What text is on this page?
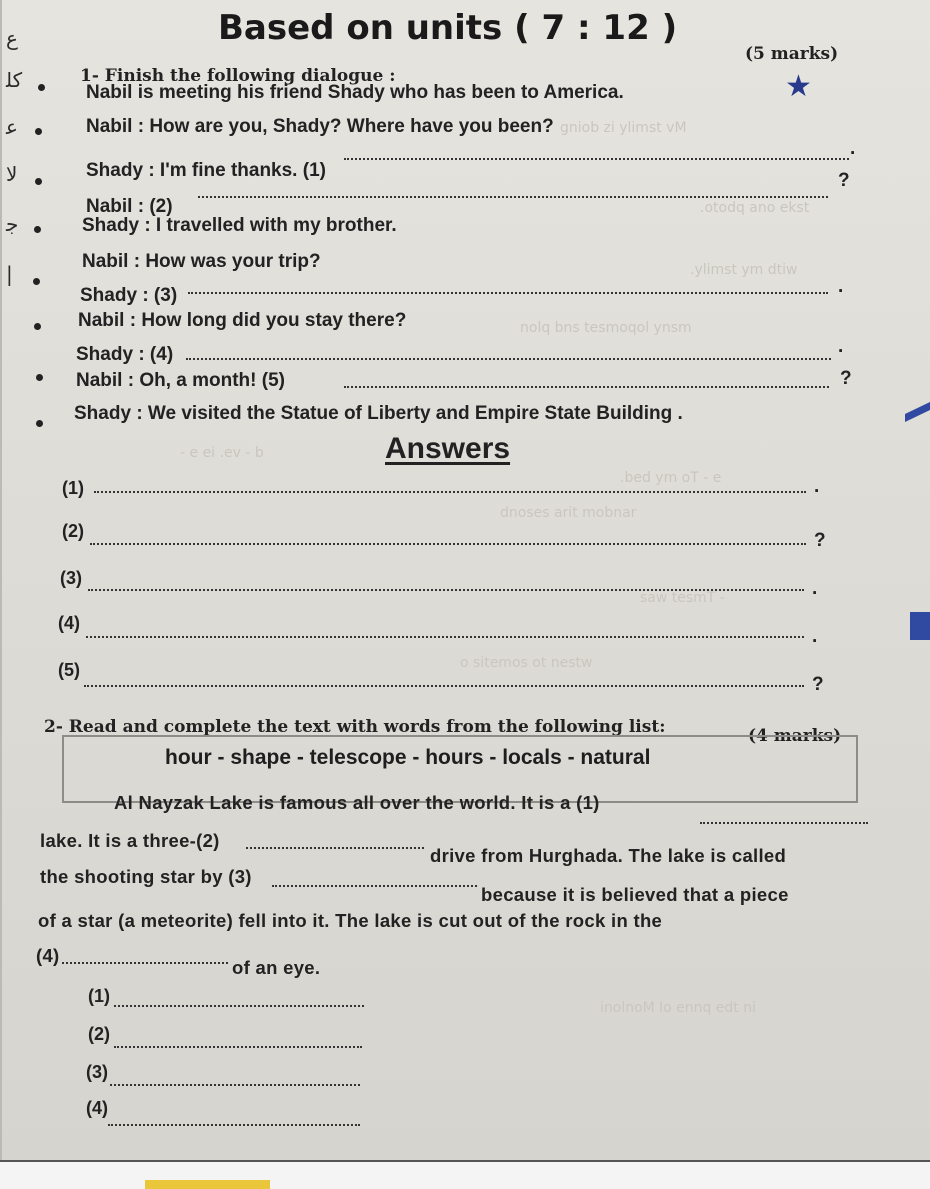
gniob zi ylimst vM
.otodq ano ekst
.ylimst ym dtiw
nolq bns tesmoqol ynsm
- e ei .ev - b
.bed ym oT - e
dnoses arit mobnar
saw tesmT -
o sitemos ot nestw
inolnoM lo ennq edt ni
ع
ﻛﻠ
ﻋ
ﻟﺎ
ﺟ
|
Based on units ( 7 : 12 )
(5 marks)
1- Finish the following dialogue :
Nabil is meeting his friend Shady who has been to America.	★
Nabil : How are you, Shady? Where have you been?
Shady : I'm fine thanks. (1)
.
Nabil : (2)
?
Shady : I travelled with my brother.
Nabil : How was your trip?
Shady : (3)	.
Nabil : How long did you stay there?
Shady : (4)	.
Nabil : Oh, a month! (5)	?
Shady : We visited the Statue of Liberty and Empire State Building .
Answers
(1)	.
(2)	?
(3)	.
(4)
.
(5)
?
2- Read and complete the text with words from the following list:	(4 marks)
hour - shape - telescope - hours - locals - natural
Al Nayzak Lake is famous all over the world. It is a (1)
lake. It is a three-(2)
drive from Hurghada. The lake is called
the shooting star by (3)
because it is believed that a piece
of a star (a meteorite) fell into it. The lake is cut out of the rock in the
(4)
of an eye.
(1)
(2)
(3)
(4)
